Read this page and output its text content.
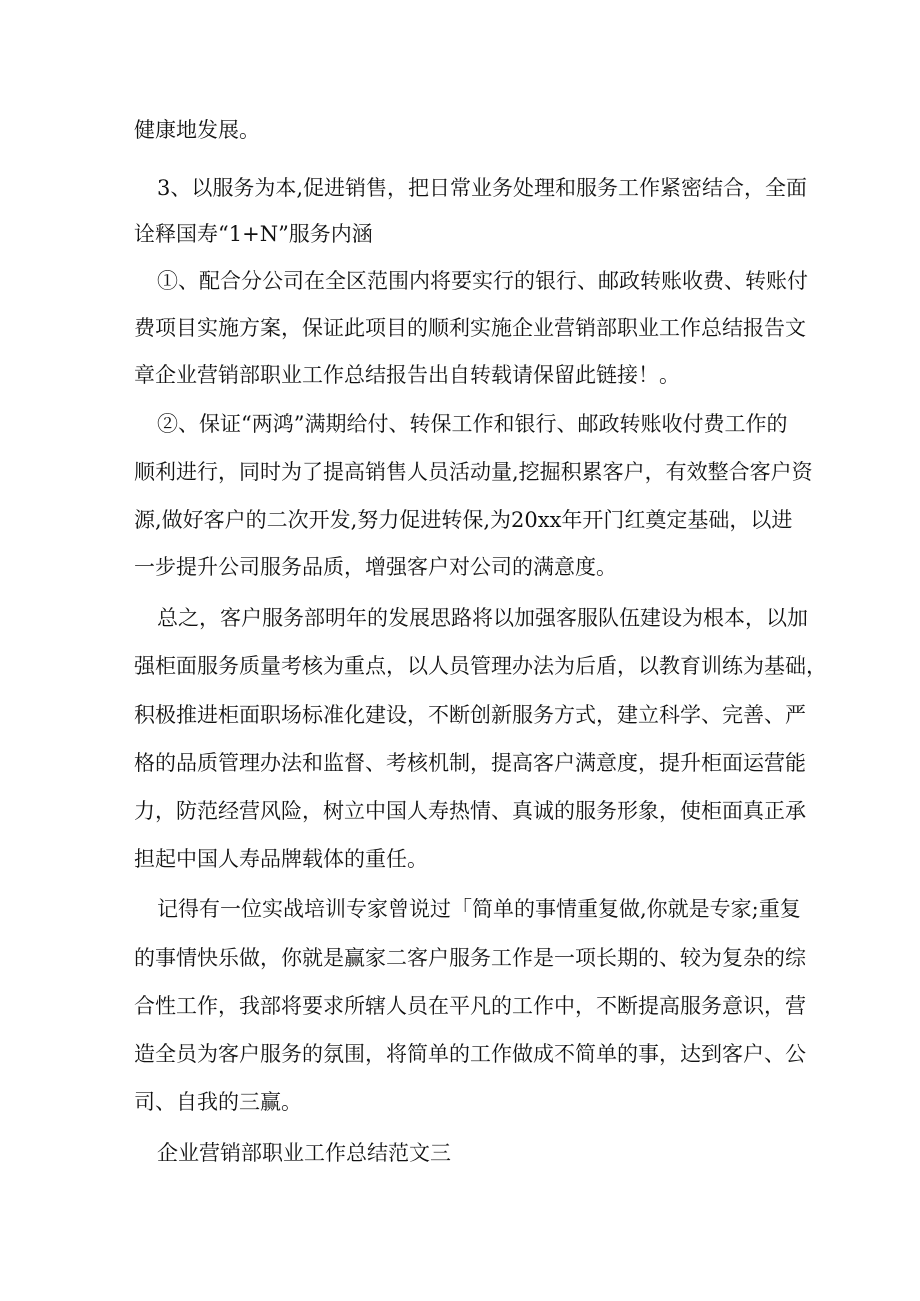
健康地发展。

3、以服务为本,促进销售，把日常业务处理和服务工作紧密结合，全面

诠释国寿“1+N”服务内涵

①、配合分公司在全区范围内将要实行的银行、邮政转账收费、转账付

费项目实施方案，保证此项目的顺利实施企业营销部职业工作总结报告文

章企业营销部职业工作总结报告出自转载请保留此链接！。

②、保证“两鸿”满期给付、转保工作和银行、邮政转账收付费工作的

顺利进行，同时为了提高销售人员活动量,挖掘积累客户，有效整合客户资

源,做好客户的二次开发,努力促进转保,为20xx年开门红奠定基础，以进

一步提升公司服务品质，增强客户对公司的满意度。

总之，客户服务部明年的发展思路将以加强客服队伍建设为根本，以加

强柜面服务质量考核为重点，以人员管理办法为后盾，以教育训练为基础，

积极推进柜面职场标准化建设，不断创新服务方式，建立科学、完善、严

格的品质管理办法和监督、考核机制，提高客户满意度，提升柜面运营能

力，防范经营风险，树立中国人寿热情、真诚的服务形象，使柜面真正承

担起中国人寿品牌载体的重任。

记得有一位实战培训专家曾说过「简单的事情重复做,你就是专家;重复

的事情快乐做，你就是赢家二客户服务工作是一项长期的、较为复杂的综

合性工作，我部将要求所辖人员在平凡的工作中，不断提高服务意识，营

造全员为客户服务的氛围，将简单的工作做成不简单的事，达到客户、公

司、自我的三赢。

企业营销部职业工作总结范文三
